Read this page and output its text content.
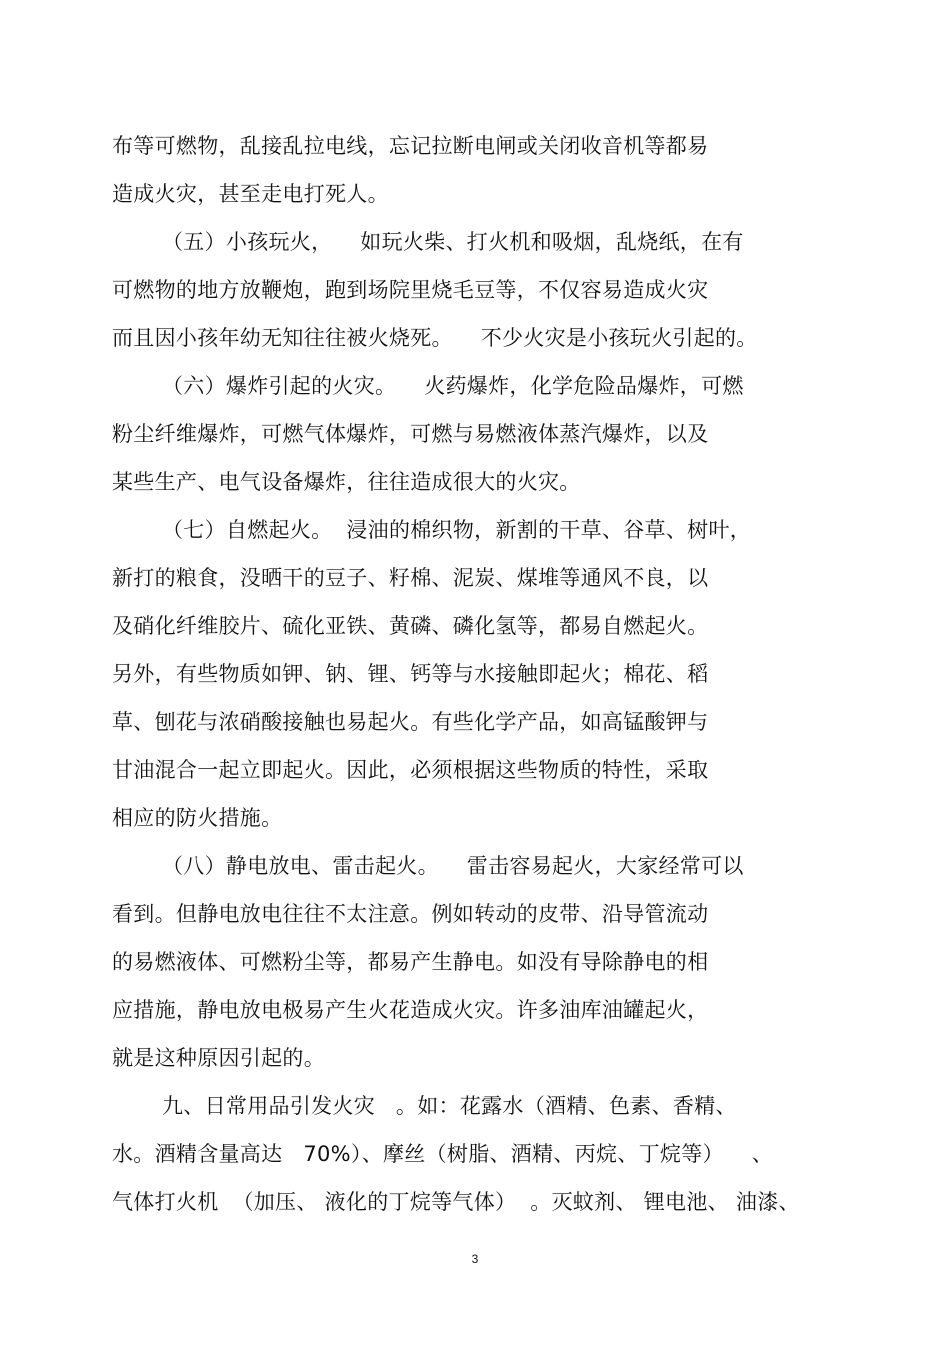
布等可燃物，乱接乱拉电线，忘记拉断电闸或关闭收音机等都易
造成火灾，甚至走电打死人。
（五）小孩玩火，    如玩火柴、打火机和吸烟，乱烧纸，在有
可燃物的地方放鞭炮，跑到场院里烧毛豆等，不仅容易造成火灾
而且因小孩年幼无知往往被火烧死。    不少火灾是小孩玩火引起的。
（六）爆炸引起的火灾。    火药爆炸，化学危险品爆炸，可燃
粉尘纤维爆炸，可燃气体爆炸，可燃与易燃液体蒸汽爆炸，以及
某些生产、电气设备爆炸，往往造成很大的火灾。
（七）自燃起火。  浸油的棉织物，新割的干草、谷草、树叶，
新打的粮食，没晒干的豆子、籽棉、泥炭、煤堆等通风不良，以
及硝化纤维胶片、硫化亚铁、黄磷、磷化氢等，都易自燃起火。
另外，有些物质如钾、钠、锂、钙等与水接触即起火；棉花、稻
草、刨花与浓硝酸接触也易起火。有些化学产品，如高锰酸钾与
甘油混合一起立即起火。因此，必须根据这些物质的特性，采取
相应的防火措施。
（八）静电放电、雷击起火。    雷击容易起火，大家经常可以
看到。但静电放电往往不太注意。例如转动的皮带、沿导管流动
的易燃液体、可燃粉尘等，都易产生静电。如没有导除静电的相
应措施，静电放电极易产生火花造成火灾。许多油库油罐起火，
就是这种原因引起的。
九、日常用品引发火灾   。如：花露水（酒精、色素、香精、
水。酒精含量高达   70%）、摩丝（树脂、酒精、丙烷、丁烷等）    、
气体打火机  （加压、 液化的丁烷等气体）  。灭蚊剂、 锂电池、 油漆、
3
